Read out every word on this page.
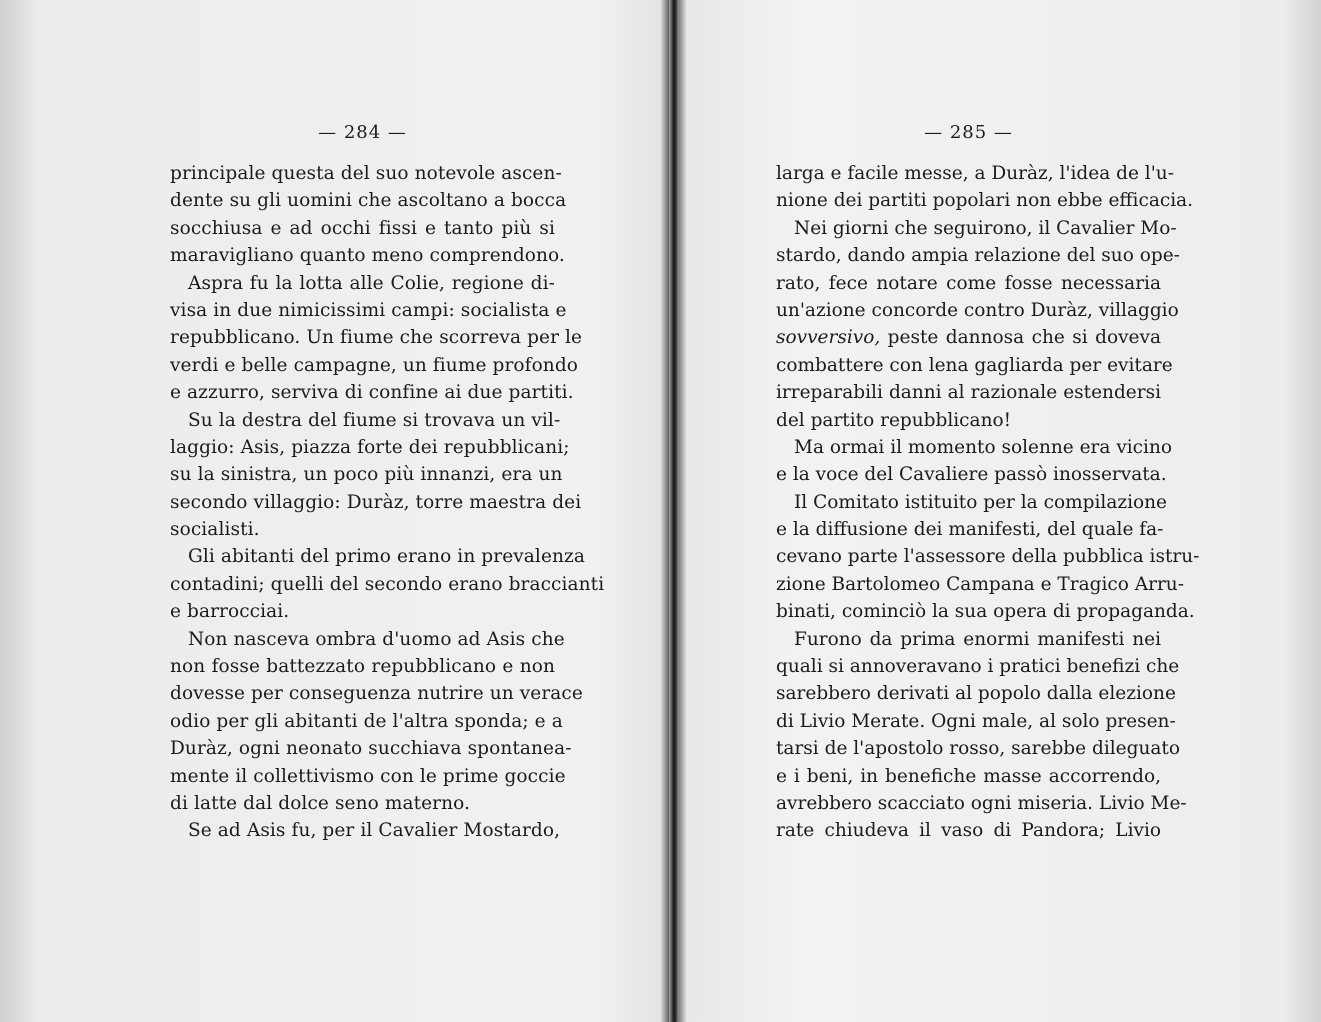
— 284 —
principale questa del suo notevole ascen-
dente su gli uomini che ascoltano a bocca
socchiusa e ad occhi fissi e tanto più si
maravigliano quanto meno comprendono.
Aspra fu la lotta alle Colie, regione di-
visa in due nimicissimi campi: socialista e
repubblicano. Un fiume che scorreva per le
verdi e belle campagne, un fiume profondo
e azzurro, serviva di confine ai due partiti.
Su la destra del fiume si trovava un vil-
laggio: Asis, piazza forte dei repubblicani;
su la sinistra, un poco più innanzi, era un
secondo villaggio: Duràz, torre maestra dei
socialisti.
Gli abitanti del primo erano in prevalenza
contadini; quelli del secondo erano braccianti
e barrocciai.
Non nasceva ombra d'uomo ad Asis che
non fosse battezzato repubblicano e non
dovesse per conseguenza nutrire un verace
odio per gli abitanti de l'altra sponda; e a
Duràz, ogni neonato succhiava spontanea-
mente il collettivismo con le prime goccie
di latte dal dolce seno materno.
Se ad Asis fu, per il Cavalier Mostardo,
— 285 —
larga e facile messe, a Duràz, l'idea de l'u-
nione dei partiti popolari non ebbe efficacia.
Nei giorni che seguirono, il Cavalier Mo-
stardo, dando ampia relazione del suo ope-
rato, fece notare come fosse necessaria
un'azione concorde contro Duràz, villaggio
sovversivo, peste dannosa che si doveva
combattere con lena gagliarda per evitare
irreparabili danni al razionale estendersi
del partito repubblicano!
Ma ormai il momento solenne era vicino
e la voce del Cavaliere passò inosservata.
Il Comitato istituito per la compilazione
e la diffusione dei manifesti, del quale fa-
cevano parte l'assessore della pubblica istru-
zione Bartolomeo Campana e Tragico Arru-
binati, cominciò la sua opera di propaganda.
Furono da prima enormi manifesti nei
quali si annoveravano i pratici benefizi che
sarebbero derivati al popolo dalla elezione
di Livio Merate. Ogni male, al solo presen-
tarsi de l'apostolo rosso, sarebbe dileguato
e i beni, in benefiche masse accorrendo,
avrebbero scacciato ogni miseria. Livio Me-
rate chiudeva il vaso di Pandora; Livio
